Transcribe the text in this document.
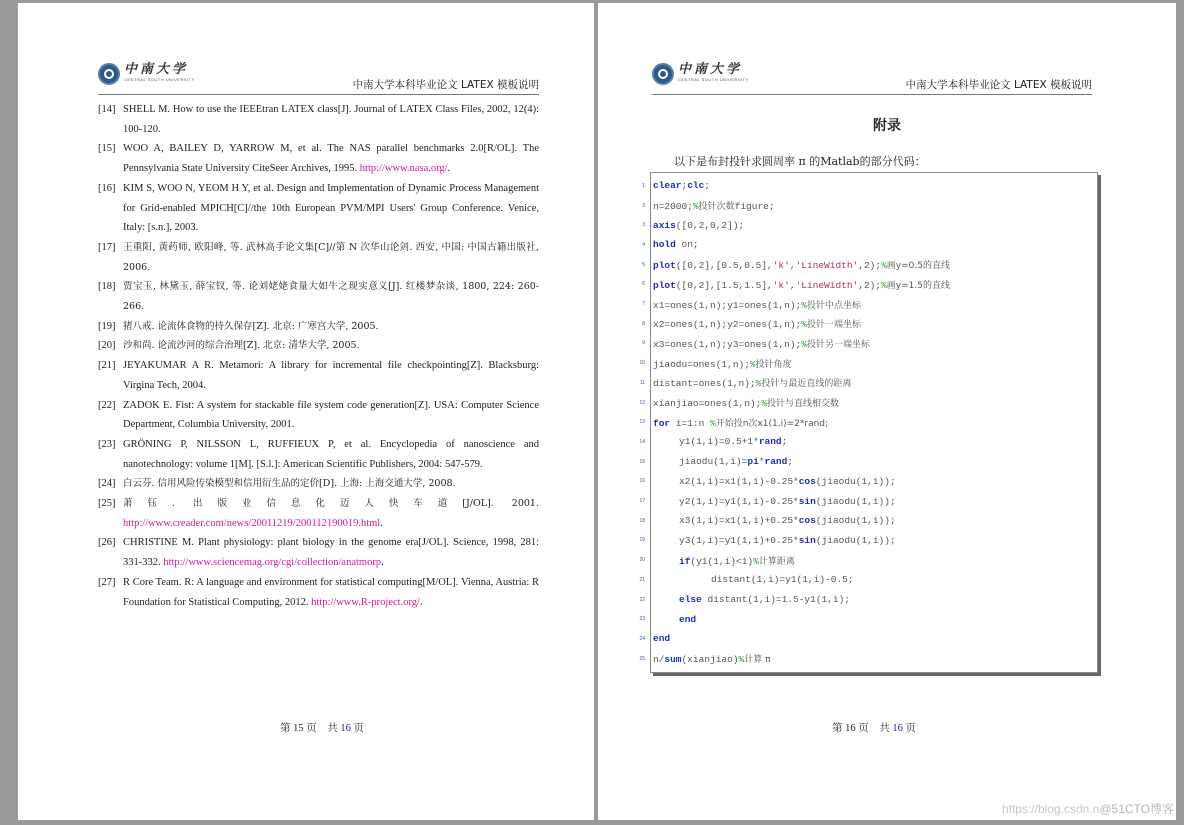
中南大学
CENTRAL SOUTH UNIVERSITY	中南大学本科毕业论文 LATEX 模板说明
[14] SHELL M. How to use the IEEEtran LATEX class[J]. Journal of LATEX Class Files, 2002, 12(4): 100-120.
[15] WOO A, BAILEY D, YARROW M, et al. The NAS parallel benchmarks 2.0[R/OL]. The Pennsylvania State University CiteSeer Archives, 1995. http://www.nasa.org/.
[16] KIM S, WOO N, YEOM H Y, et al. Design and Implementation of Dynamic Process Management for Grid-enabled MPICH[C]//the 10th European PVM/MPI Users' Group Conference. Venice, Italy: [s.n.], 2003.
[17] 王重阳, 黄药师, 欧阳峰, 等. 武林高手论文集[C]//第 N 次华山论剑. 西安, 中国: 中国古籍出版社, 2006.
[18] 贾宝玉, 林黛玉, 薛宝钗, 等. 论刘姥姥食量大如牛之现实意义[J]. 红楼梦杂谈, 1800, 224: 260-266.
[19] 猪八戒. 论流体食物的持久保存[Z]. 北京: 广寒宫大学, 2005.
[20] 沙和尚. 论流沙河的综合治理[Z]. 北京: 清华大学, 2005.
[21] JEYAKUMAR A R. Metamori: A library for incremental file checkpointing[Z]. Blacksburg: Virgina Tech, 2004.
[22] ZADOK E. Fist: A system for stackable file system code generation[Z]. USA: Computer Science Department, Columbia University, 2001.
[23] GRÖNING P, NILSSON L, RUFFIEUX P, et al. Encyclopedia of nanoscience and nanotechnology: volume 1[M]. [S.l.]: American Scientific Publishers, 2004: 547-579.
[24] 白云芬. 信用风险传染模型和信用衍生品的定价[D]. 上海: 上海交通大学, 2008.
[25] 萧钰. 出版业信息化迈人快车道[J/OL]. 2001. http://www.creader.com/news/20011219/200112190019.html.
[26] CHRISTINE M. Plant physiology: plant biology in the genome era[J/OL]. Science, 1998, 281: 331-332. http://www.sciencemag.org/cgi/collection/anatmorp.
[27] R Core Team. R: A language and environment for statistical computing[M/OL]. Vienna, Austria: R Foundation for Statistical Computing, 2012. http://www.R-project.org/.
第 15 页　共 16 页
中南大学
CENTRAL SOUTH UNIVERSITY	中南大学本科毕业论文 LATEX 模板说明
附录
以下是布封投针求圆周率 π 的Matlab的部分代码：
1 clear;clc;
2 n=2000;%投针次数figure;
3 axis([0,2,0,2]);
4 hold on;
5 plot([0,2],[0.5,0.5],'k','LineWidth',2);%画y=0.5的直线
6 plot([0,2],[1.5,1.5],'k','LineWidth',2);%画y=1.5的直线
7 x1=ones(1,n);y1=ones(1,n);%投针中点坐标
8 x2=ones(1,n);y2=ones(1,n);%投针一端坐标
9 x3=ones(1,n);y3=ones(1,n);%投针另一端坐标
10 jiaodu=ones(1,n);%投针角度
11 distant=ones(1,n);%投针与最近直线的距离
12 xianjiao=ones(1,n);%投针与直线相交数
13 for i=1:n %开始投n次x1(1,i)=2*rand;
14	y1(1,i)=0.5+1*rand;
15	jiaodu(1,i)=pi*rand;
16	x2(1,i)=x1(1,i)-0.25*cos(jiaodu(1,i));
17	y2(1,i)=y1(1,i)-0.25*sin(jiaodu(1,i));
18	x3(1,i)=x1(1,i)+0.25*cos(jiaodu(1,i));
19	y3(1,i)=y1(1,i)+0.25*sin(jiaodu(1,i));
20	if(y1(1,i)<1)%计算距离
21	distant(1,i)=y1(1,i)-0.5;
22	else distant(1,i)=1.5-y1(1,i);
23	end
24 end
25 n/sum(xianjiao)%计算 π
第 16 页　共 16 页
https://blog.csdn.n@51CTO博客
